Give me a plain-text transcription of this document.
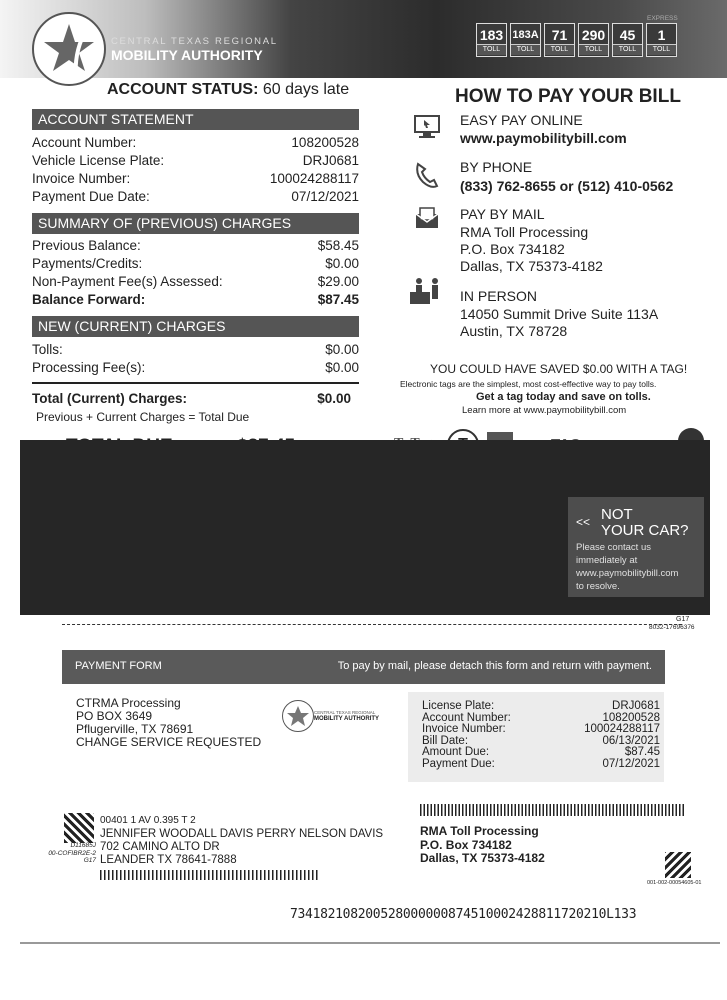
CENTRAL TEXAS REGIONAL
MOBILITY AUTHORITY
183
TOLL
183A
TOLL
71
TOLL
290
TOLL
45
TOLL
EXPRESS
1
TOLL
ACCOUNT STATUS: 60 days late
ACCOUNT STATEMENT
Account Number:	108200528
Vehicle License Plate:	DRJ0681
Invoice Number:	100024288117
Payment Due Date:	07/12/2021
SUMMARY OF (PREVIOUS) CHARGES
Previous Balance:	$58.45
Payments/Credits:	$0.00
Non-Payment Fee(s) Assessed:	$29.00
Balance Forward:	$87.45
NEW (CURRENT) CHARGES
Tolls:	$0.00
Processing Fee(s):	$0.00
Total (Current) Charges:	$0.00
Previous + Current Charges = Total Due
HOW TO PAY YOUR BILL
EASY PAY ONLINE
www.paymobilitybill.com
BY PHONE
(833) 762-8655 or (512) 410-0562
PAY BY MAIL
RMA Toll Processing
P.O. Box 734182
Dallas, TX 75373-4182
IN PERSON
14050 Summit Drive Suite 113A
Austin, TX 78728
YOU COULD HAVE SAVED $0.00 WITH A TAG!
Electronic tags are the simplest, most cost-effective way to pay tolls.
Get a tag today and save on tolls.
Learn more at www.paymobilitybill.com
<< NOT
YOUR CAR?
Please contact us
immediately at
www.paymobilitybill.com
to resolve.
G17
8032-17696376
PAYMENT FORM	To pay by mail, please detach this form and return with payment.
CTRMA Processing
PO BOX 3649
Pflugerville, TX 78691
CHANGE SERVICE REQUESTED
CENTRAL TEXAS REGIONAL
MOBILITY AUTHORITY
License Plate:	DRJ0681
Account Number:	108200528
Invoice Number:	100024288117
Bill Date:	06/13/2021
Amount Due:	$87.45
Payment Due:	07/12/2021
D11685J
00-COFIBR2E-2
G17
00401 1 AV 0.395 T 2
JENNIFER WOODALL DAVIS PERRY NELSON DAVIS
702 CAMINO ALTO DR
LEANDER TX 78641-7888
RMA Toll Processing
P.O. Box 734182
Dallas, TX 75373-4182
001-002-00054605-01
734182108200528000000874510002428811720210L133
